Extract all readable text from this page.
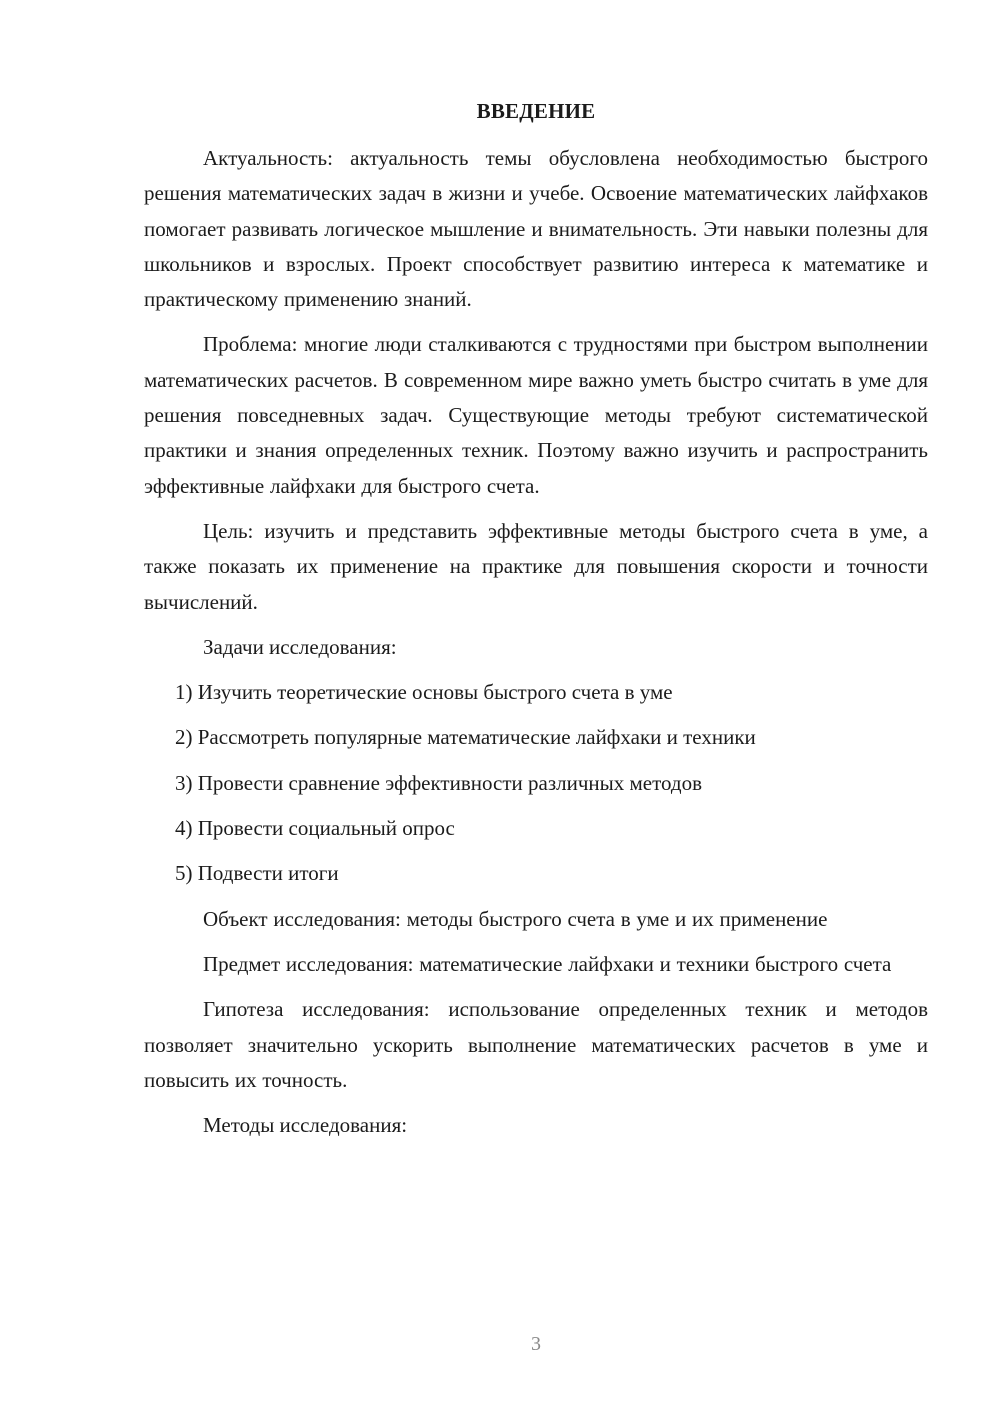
ВВЕДЕНИЕ

Актуальность: актуальность темы обусловлена необходимостью быстрого решения математических задач в жизни и учебе. Освоение математических лайфхаков помогает развивать логическое мышление и внимательность. Эти навыки полезны для школьников и взрослых. Проект способствует развитию интереса к математике и практическому применению знаний.

Проблема: многие люди сталкиваются с трудностями при быстром выполнении математических расчетов. В современном мире важно уметь быстро считать в уме для решения повседневных задач. Существующие методы требуют систематической практики и знания определенных техник. Поэтому важно изучить и распространить эффективные лайфхаки для быстрого счета.

Цель: изучить и представить эффективные методы быстрого счета в уме, а также показать их применение на практике для повышения скорости и точности вычислений.

Задачи исследования:

1) Изучить теоретические основы быстрого счета в уме
2) Рассмотреть популярные математические лайфхаки и техники
3) Провести сравнение эффективности различных методов
4) Провести социальный опрос
5) Подвести итоги

Объект исследования: методы быстрого счета в уме и их применение

Предмет исследования: математические лайфхаки и техники быстрого счета

Гипотеза исследования: использование определенных техник и методов позволяет значительно ускорить выполнение математических расчетов в уме и повысить их точность.

Методы исследования:

3
